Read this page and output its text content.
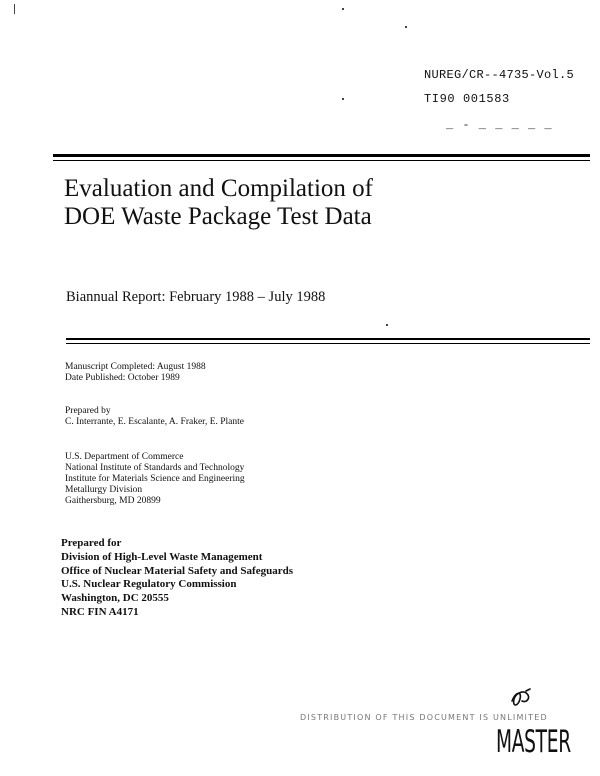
NUREG/CR--4735-Vol.5
TI90 001583
_ - _ _ _ _ _
Evaluation and Compilation of
DOE Waste Package Test Data
Biannual Report: February 1988 – July 1988
Manuscript Completed: August 1988
Date Published: October 1989
Prepared by
C. Interrante, E. Escalante, A. Fraker, E. Plante
U.S. Department of Commerce
National Institute of Standards and Technology
Institute for Materials Science and Engineering
Metallurgy Division
Gaithersburg, MD 20899
Prepared for
Division of High-Level Waste Management
Office of Nuclear Material Safety and Safeguards
U.S. Nuclear Regulatory Commission
Washington, DC 20555
NRC FIN A4171
DISTRIBUTION OF THIS DOCUMENT IS UNLIMITED
MASTER
